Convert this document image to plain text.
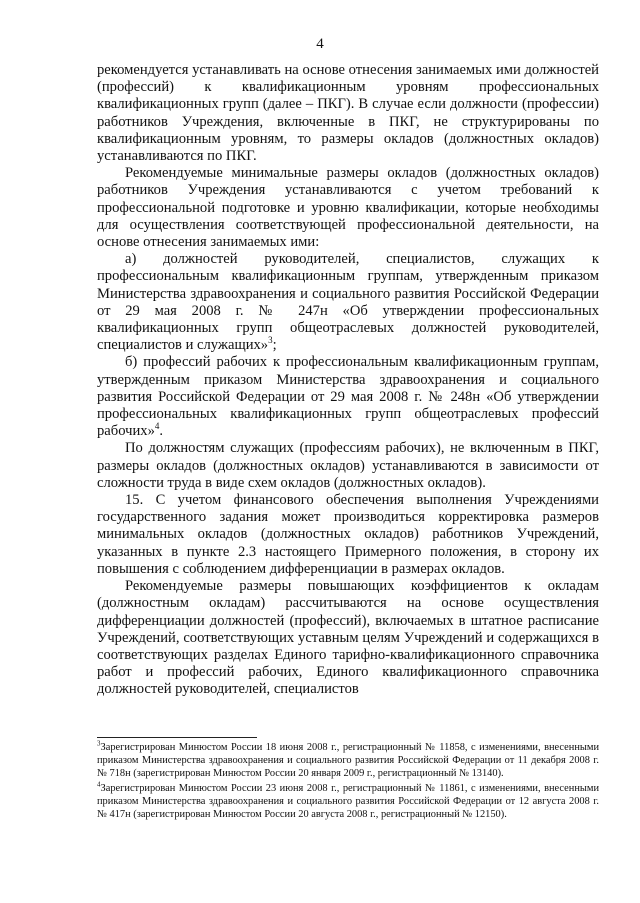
4

рекомендуется устанавливать на основе отнесения занимаемых ими должностей (профессий) к квалификационным уровням профессиональных квалификационных групп (далее – ПКГ). В случае если должности (профессии) работников Учреждения, включенные в ПКГ, не структурированы по квалификационным уровням, то размеры окладов (должностных окладов) устанавливаются по ПКГ.

Рекомендуемые минимальные размеры окладов (должностных окладов) работников Учреждения устанавливаются с учетом требований к профессиональной подготовке и уровню квалификации, которые необходимы для осуществления соответствующей профессиональной деятельности, на основе отнесения занимаемых ими:

а) должностей руководителей, специалистов, служащих к профессиональным квалификационным группам, утвержденным приказом Министерства здравоохранения и социального развития Российской Федерации от 29 мая 2008 г. № 247н «Об утверждении профессиональных квалификационных групп общеотраслевых должностей руководителей, специалистов и служащих»$^3$;

б) профессий рабочих к профессиональным квалификационным группам, утвержденным приказом Министерства здравоохранения и социального развития Российской Федерации от 29 мая 2008 г. № 248н «Об утверждении профессиональных квалификационных групп общеотраслевых профессий рабочих»$^4$.

По должностям служащих (профессиям рабочих), не включенным в ПКГ, размеры окладов (должностных окладов) устанавливаются в зависимости от сложности труда в виде схем окладов (должностных окладов).

15. С учетом финансового обеспечения выполнения Учреждениями государственного задания может производиться корректировка размеров минимальных окладов (должностных окладов) работников Учреждений, указанных в пункте 2.3 настоящего Примерного положения, в сторону их повышения с соблюдением дифференциации в размерах окладов.

Рекомендуемые размеры повышающих коэффициентов к окладам (должностным окладам) рассчитываются на основе осуществления дифференциации должностей (профессий), включаемых в штатное расписание Учреждений, соответствующих уставным целям Учреждений и содержащихся в соответствующих разделах Единого тарифно-квалификационного справочника работ и профессий рабочих, Единого квалификационного справочника должностей руководителей, специалистов

$^3$Зарегистрирован Минюстом России 18 июня 2008 г., регистрационный № 11858, с изменениями, внесенными приказом Министерства здравоохранения и социального развития Российской Федерации от 11 декабря 2008 г. № 718н (зарегистрирован Минюстом России 20 января 2009 г., регистрационный № 13140).

$^4$Зарегистрирован Минюстом России 23 июня 2008 г., регистрационный № 11861, с изменениями, внесенными приказом Министерства здравоохранения и социального развития Российской Федерации от 12 августа 2008 г. № 417н (зарегистрирован Минюстом России 20 августа 2008 г., регистрационный № 12150).
